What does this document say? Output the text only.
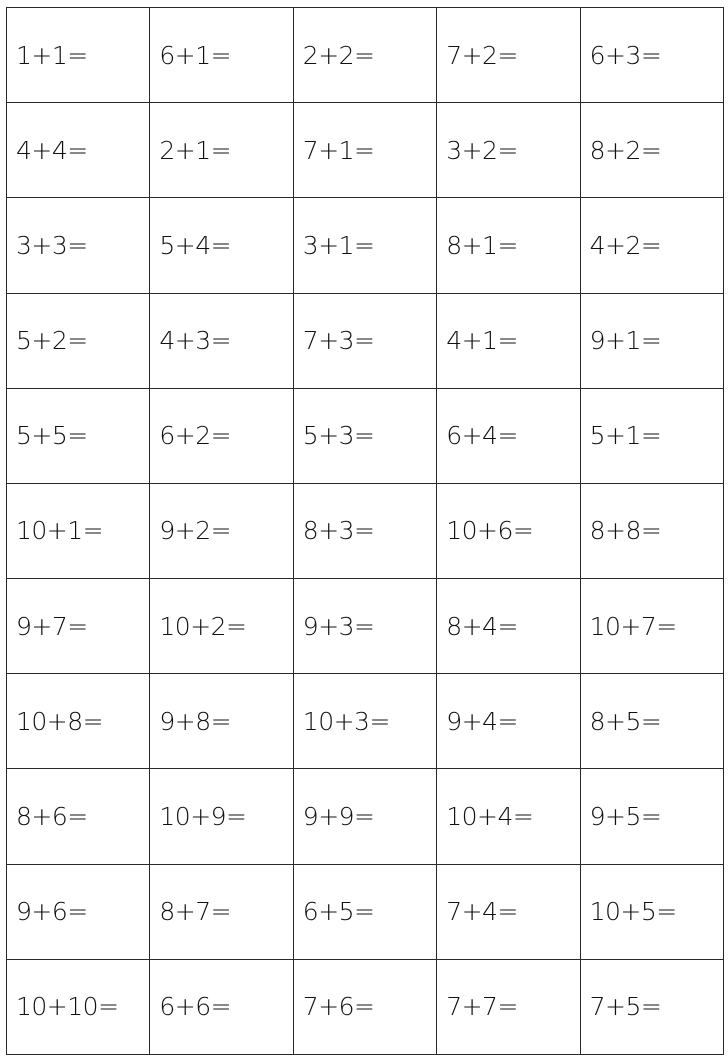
1+1=	6+1=	2+2=	7+2=	6+3=
4+4=	2+1=	7+1=	3+2=	8+2=
3+3=	5+4=	3+1=	8+1=	4+2=
5+2=	4+3=	7+3=	4+1=	9+1=
5+5=	6+2=	5+3=	6+4=	5+1=
10+1=	9+2=	8+3=	10+6=	8+8=
9+7=	10+2=	9+3=	8+4=	10+7=
10+8=	9+8=	10+3=	9+4=	8+5=
8+6=	10+9=	9+9=	10+4=	9+5=
9+6=	8+7=	6+5=	7+4=	10+5=
10+10=	6+6=	7+6=	7+7=	7+5=
